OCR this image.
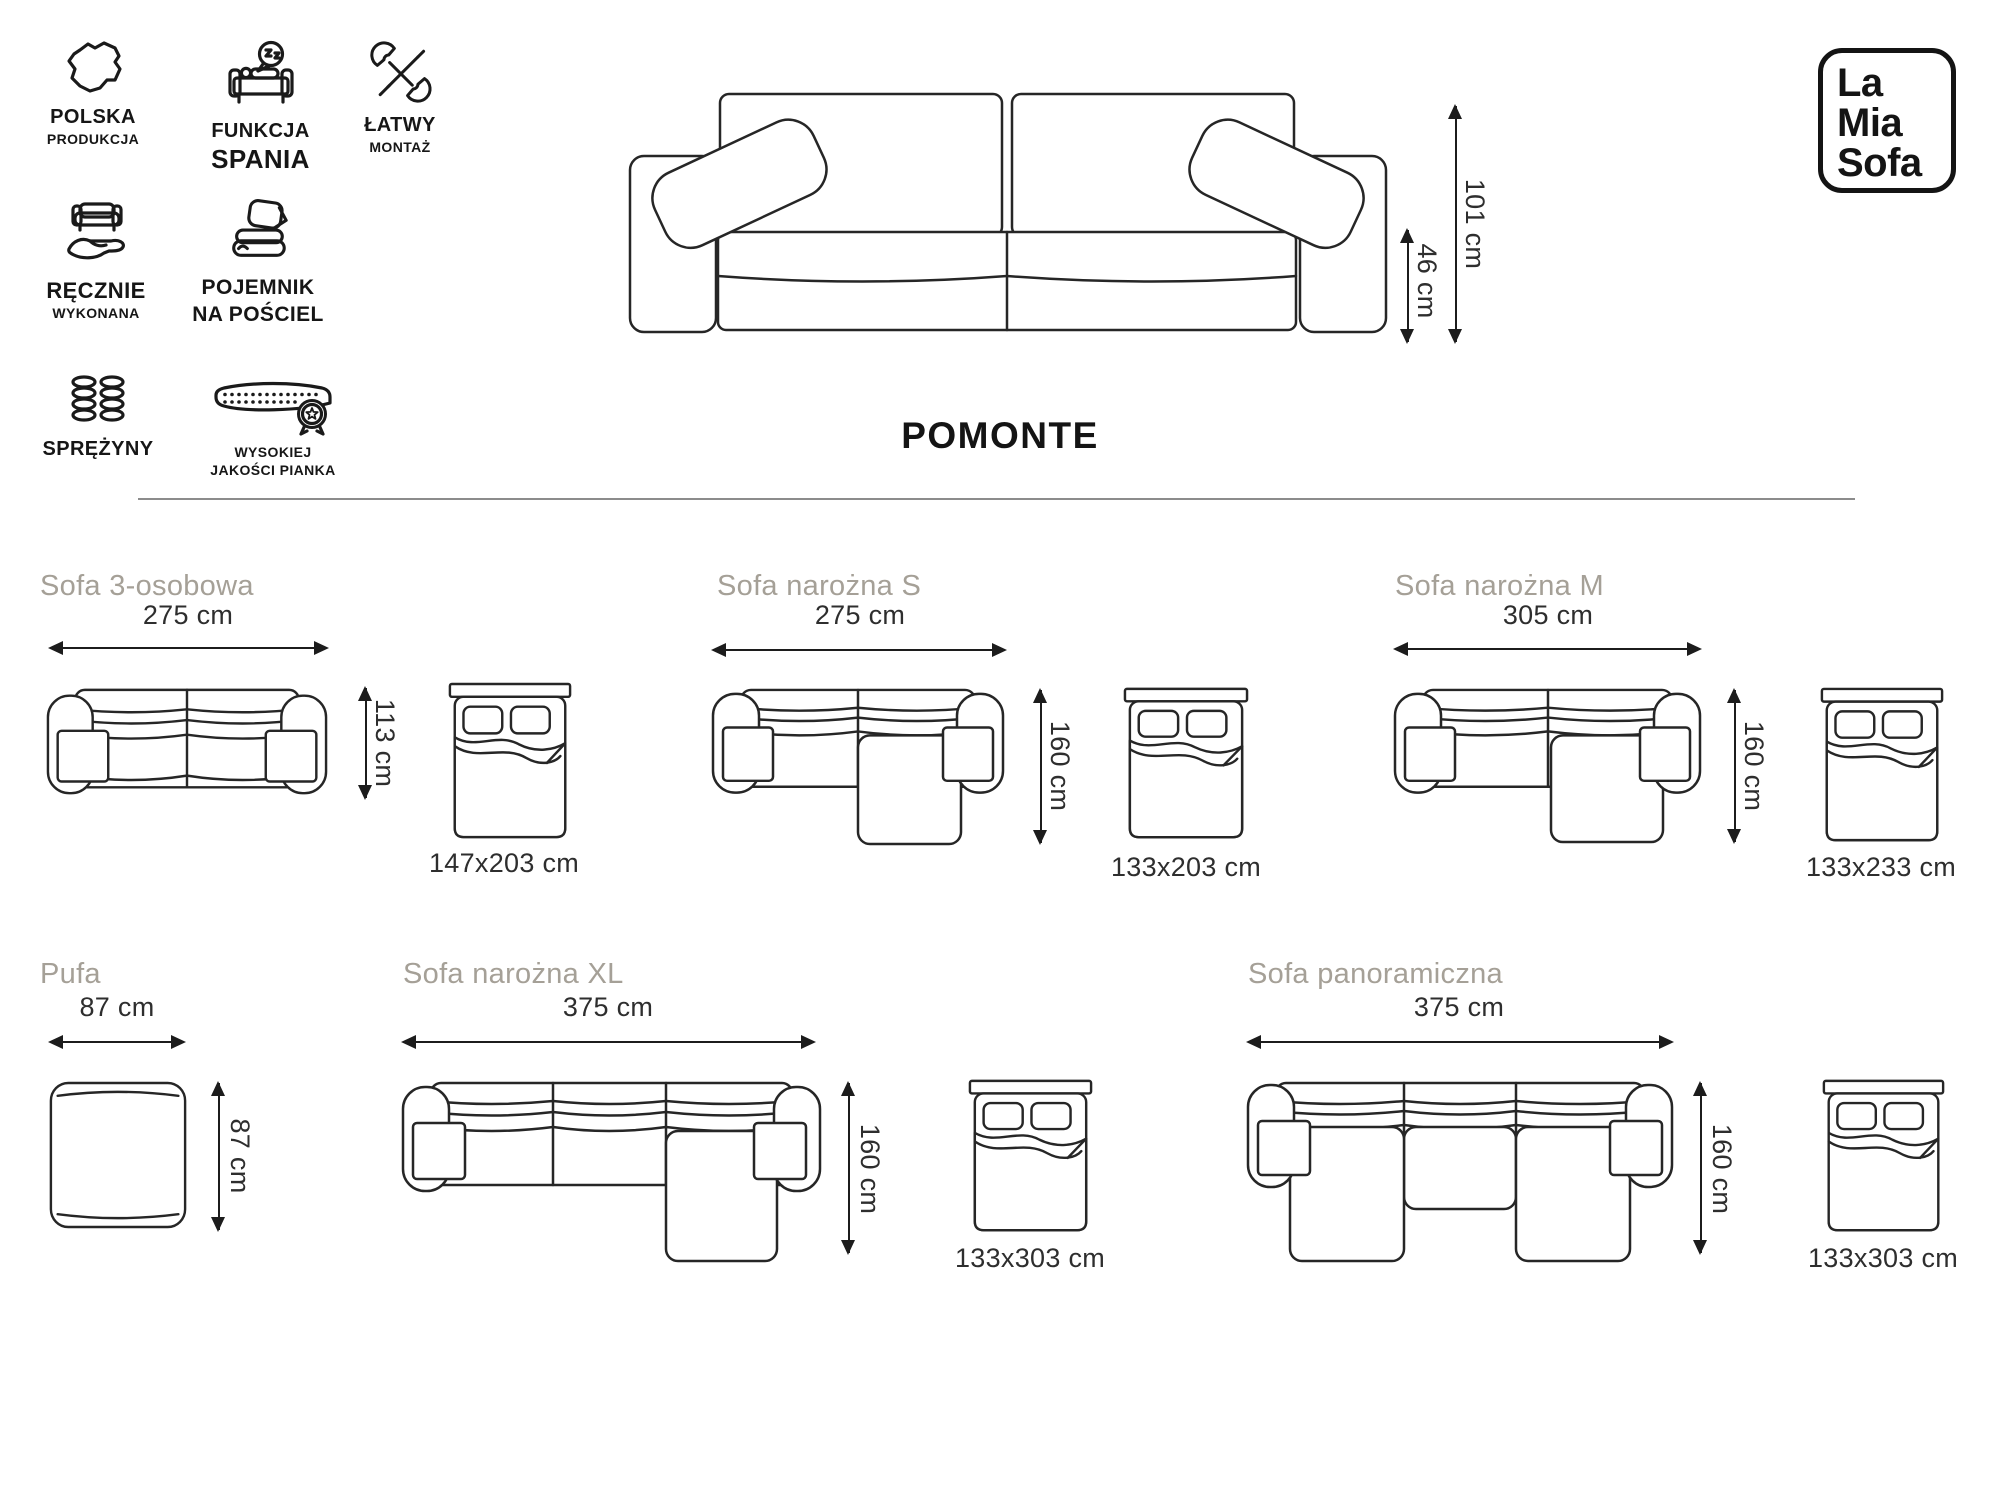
POLSKA
PRODUKCJA	FUNKCJA
SPANIA
ŁATWY
MONTAŻ
RĘCZNIE
WYKONANA
POJEMNIK
NA POŚCIEL
SPRĘŻYNY	WYSOKIEJ
JAKOŚCI PIANKA
46 cm
101 cm
POMONTE
La
Mia
Sofa
Sofa 3-osobowa
275 cm
113 cm
147x203 cm
Sofa narożna S
275 cm
160 cm
133x203 cm
Sofa narożna M
305 cm
160 cm
133x233 cm
Pufa
87 cm
87 cm
Sofa narożna XL
375 cm
160 cm
133x303 cm
Sofa panoramiczna
375 cm
160 cm
133x303 cm
